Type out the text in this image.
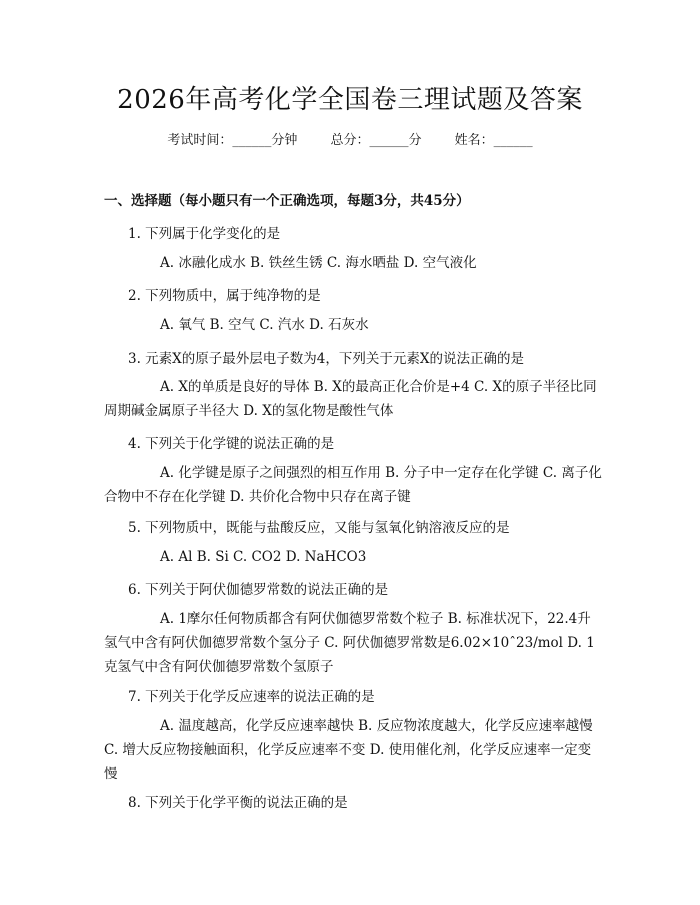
2026年高考化学全国卷三理试题及答案
考试时间：______分钟	总分：______分	姓名：______
一、选择题（每小题只有一个正确选项，每题3分，共45分）
1. 下列属于化学变化的是
A. 冰融化成水 B. 铁丝生锈 C. 海水晒盐 D. 空气液化
2. 下列物质中，属于纯净物的是
A. 氧气 B. 空气 C. 汽水 D. 石灰水
3. 元素X的原子最外层电子数为4，下列关于元素X的说法正确的是
A. X的单质是良好的导体 B. X的最高正化合价是+4 C. X的原子半径比同周期碱金属原子半径大 D. X的氢化物是酸性气体
4. 下列关于化学键的说法正确的是
A. 化学键是原子之间强烈的相互作用 B. 分子中一定存在化学键 C. 离子化合物中不存在化学键 D. 共价化合物中只存在离子键
5. 下列物质中，既能与盐酸反应，又能与氢氧化钠溶液反应的是
A. Al B. Si C. CO2 D. NaHCO3
6. 下列关于阿伏伽德罗常数的说法正确的是
A. 1摩尔任何物质都含有阿伏伽德罗常数个粒子 B. 标准状况下，22.4升氢气中含有阿伏伽德罗常数个氢分子 C. 阿伏伽德罗常数是6.02×10ˆ23/mol D. 1克氢气中含有阿伏伽德罗常数个氢原子
7. 下列关于化学反应速率的说法正确的是
A. 温度越高，化学反应速率越快 B. 反应物浓度越大，化学反应速率越慢 C. 增大反应物接触面积，化学反应速率不变 D. 使用催化剂，化学反应速率一定变慢
8. 下列关于化学平衡的说法正确的是
